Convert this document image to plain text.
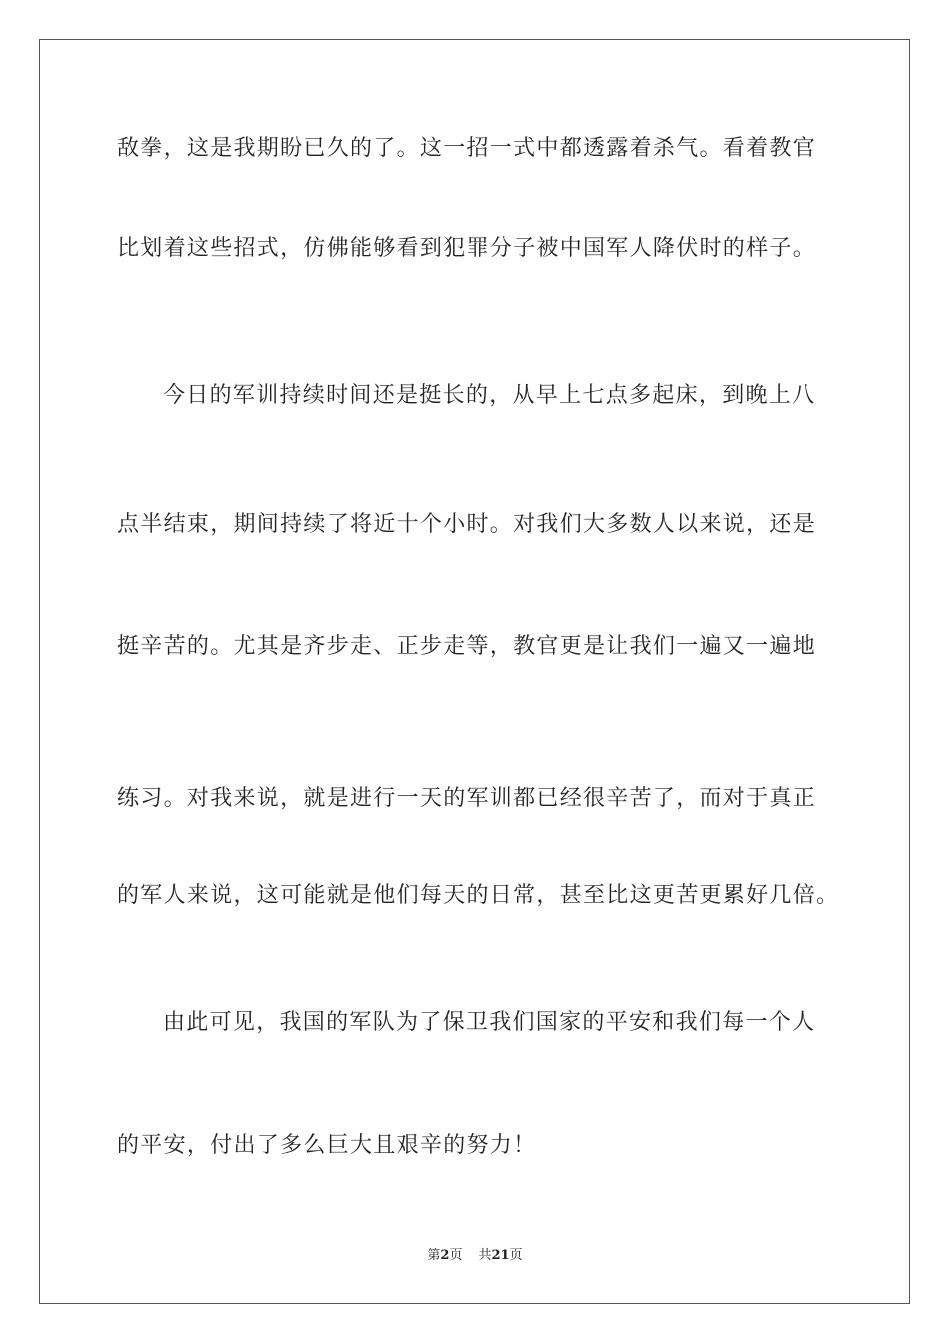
敌拳，这是我期盼已久的了。这一招一式中都透露着杀气。看着教官
比划着这些招式，仿佛能够看到犯罪分子被中国军人降伏时的样子。
今日的军训持续时间还是挺长的，从早上七点多起床，到晚上八
点半结束，期间持续了将近十个小时。对我们大多数人以来说，还是
挺辛苦的。尤其是齐步走、正步走等，教官更是让我们一遍又一遍地
练习。对我来说，就是进行一天的军训都已经很辛苦了，而对于真正
的军人来说，这可能就是他们每天的日常，甚至比这更苦更累好几倍。
由此可见，我国的军队为了保卫我们国家的平安和我们每一个人
的平安，付出了多么巨大且艰辛的努力！
第2页 共21页
